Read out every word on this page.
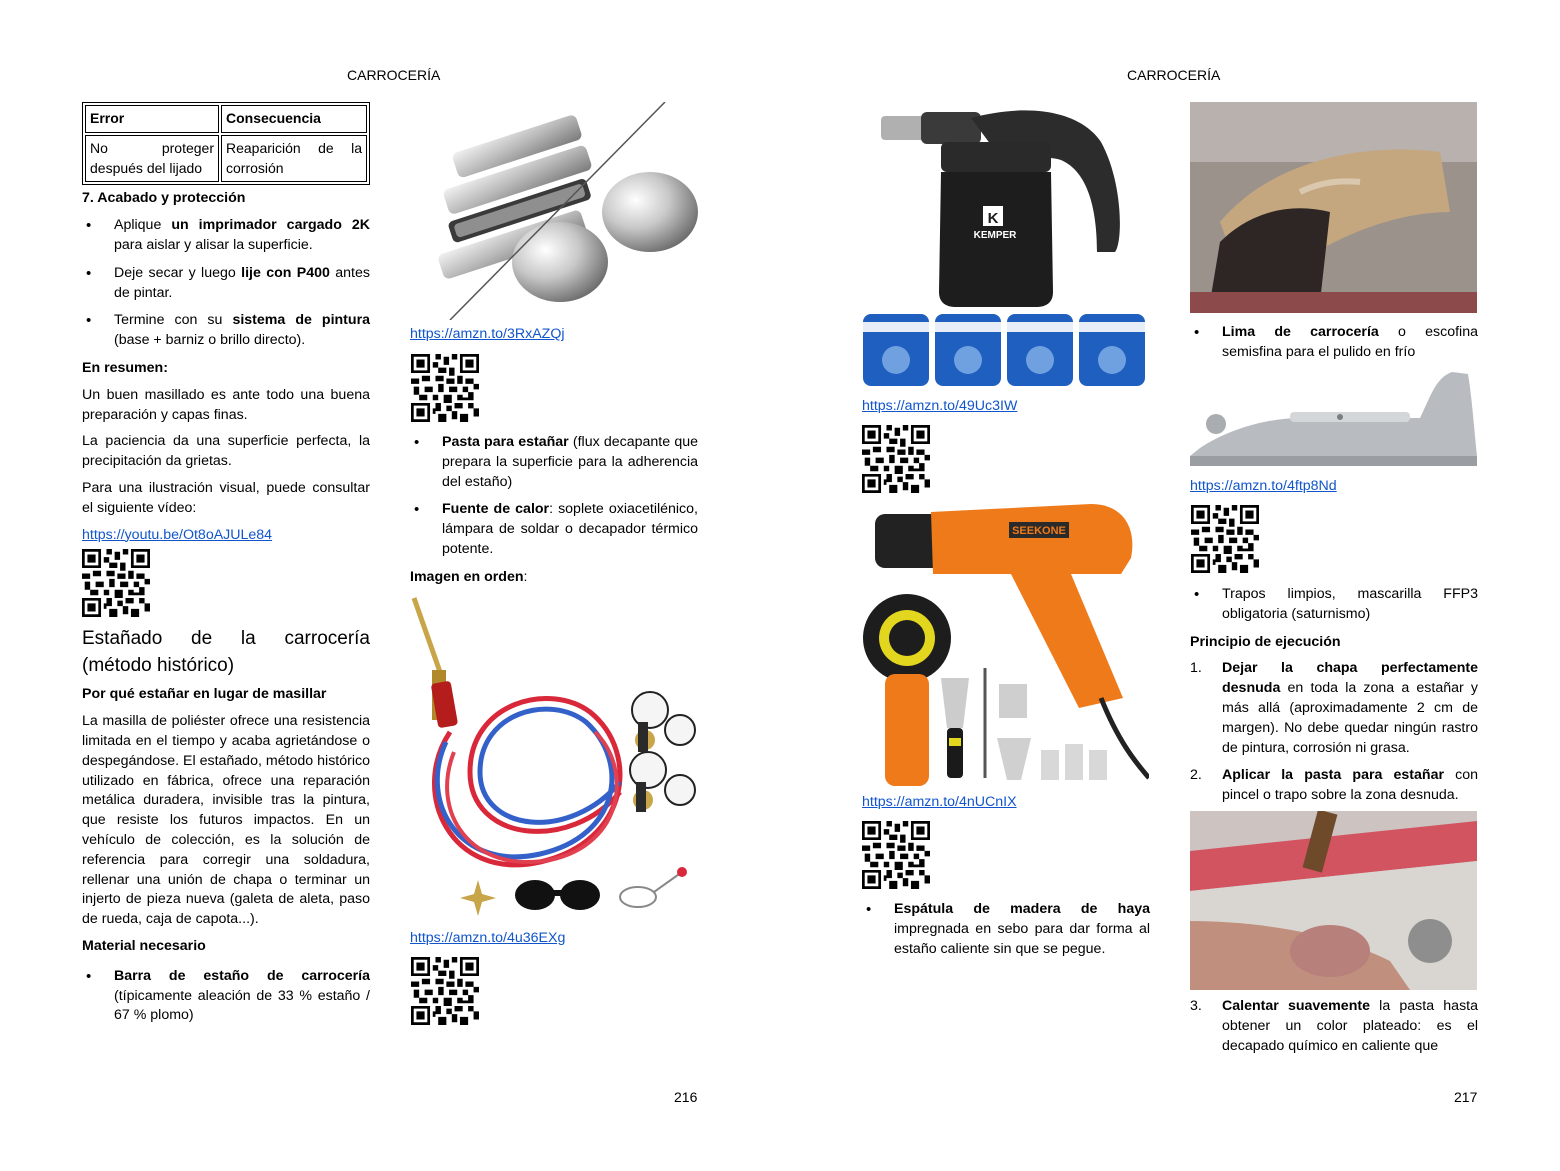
CARROCERÍA
Error	Consecuencia
No proteger después del lijado	Reaparición de la corrosión

7. Acabado y protección

• Aplique un imprimador cargado 2K para aislar y alisar la superficie.
• Deje secar y luego lije con P400 antes de pintar.
• Termine con su sistema de pintura (base + barniz o brillo directo).

En resumen:

Un buen masillado es ante todo una buena preparación y capas finas.

La paciencia da una superficie perfecta, la precipitación da grietas.

Para una ilustración visual, puede consultar el siguiente vídeo:

https://youtu.be/Ot8oAJULe84

Estañado de la carrocería (método histórico)

Por qué estañar en lugar de masillar

La masilla de poliéster ofrece una resistencia limitada en el tiempo y acaba agrietándose o despegándose. El estañado, método histórico utilizado en fábrica, ofrece una reparación metálica duradera, invisible tras la pintura, que resiste los futuros impactos. En un vehículo de colección, es la solución de referencia para corregir una soldadura, rellenar una unión de chapa o terminar un injerto de pieza nueva (galeta de aleta, paso de rueda, caja de capota...).

Material necesario

• Barra de estaño de carrocería (típicamente aleación de 33 % estaño / 67 % plomo)
https://amzn.to/3RxAZQj
• Pasta para estañar (flux decapante que prepara la superficie para la adherencia del estaño)
• Fuente de calor: soplete oxiacetilénico, lámpara de soldar o decapador térmico potente.

Imagen en orden:

https://amzn.to/4u36EXg
216
CARROCERÍA
K
KEMPER
https://amzn.to/49Uc3IW
SEEKONE
https://amzn.to/4nUCnIX
• Espátula de madera de haya impregnada en sebo para dar forma al estaño caliente sin que se pegue.
• Lima de carrocería o escofina semisfina para el pulido en frío
https://amzn.to/4ftp8Nd
• Trapos limpios, mascarilla FFP3 obligatoria (saturnismo)

Principio de ejecución

1. Dejar la chapa perfectamente desnuda en toda la zona a estañar y más allá (aproximadamente 2 cm de margen). No debe quedar ningún rastro de pintura, corrosión ni grasa.
2. Aplicar la pasta para estañar con pincel o trapo sobre la zona desnuda.
3. Calentar suavemente la pasta hasta obtener un color plateado: es el decapado químico en caliente que
217
